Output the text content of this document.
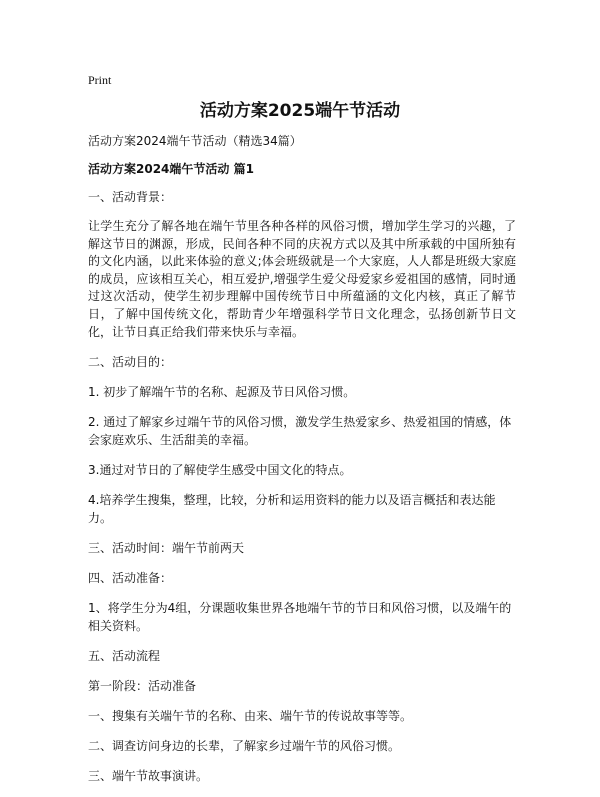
Print
活动方案2025端午节活动

活动方案2024端午节活动（精选34篇）

活动方案2024端午节活动 篇1

一、活动背景：

让学生充分了解各地在端午节里各种各样的风俗习惯，增加学生学习的兴趣，了解这节日的渊源，形成，民间各种不同的庆祝方式以及其中所承载的中国所独有的文化内涵，以此来体验的意义;体会班级就是一个大家庭，人人都是班级大家庭的成员，应该相互关心，相互爱护,增强学生爱父母爱家乡爱祖国的感情，同时通过这次活动，使学生初步理解中国传统节日中所蕴涵的文化内核，真正了解节日，了解中国传统文化，帮助青少年增强科学节日文化理念，弘扬创新节日文化，让节日真正给我们带来快乐与幸福。

二、活动目的：

1. 初步了解端午节的名称、起源及节日风俗习惯。

2. 通过了解家乡过端午节的风俗习惯，激发学生热爱家乡、热爱祖国的情感，体会家庭欢乐、生活甜美的幸福。

3.通过对节日的了解使学生感受中国文化的特点。

4.培养学生搜集，整理，比较，分析和运用资料的能力以及语言概括和表达能力。

三、活动时间：端午节前两天

四、活动准备：

1、将学生分为4组，分课题收集世界各地端午节的节日和风俗习惯，以及端午的相关资料。

五、活动流程

第一阶段：活动准备

一、搜集有关端午节的名称、由来、端午节的传说故事等等。

二、调查访问身边的长辈，了解家乡过端午节的风俗习惯。

三、端午节故事演讲。
